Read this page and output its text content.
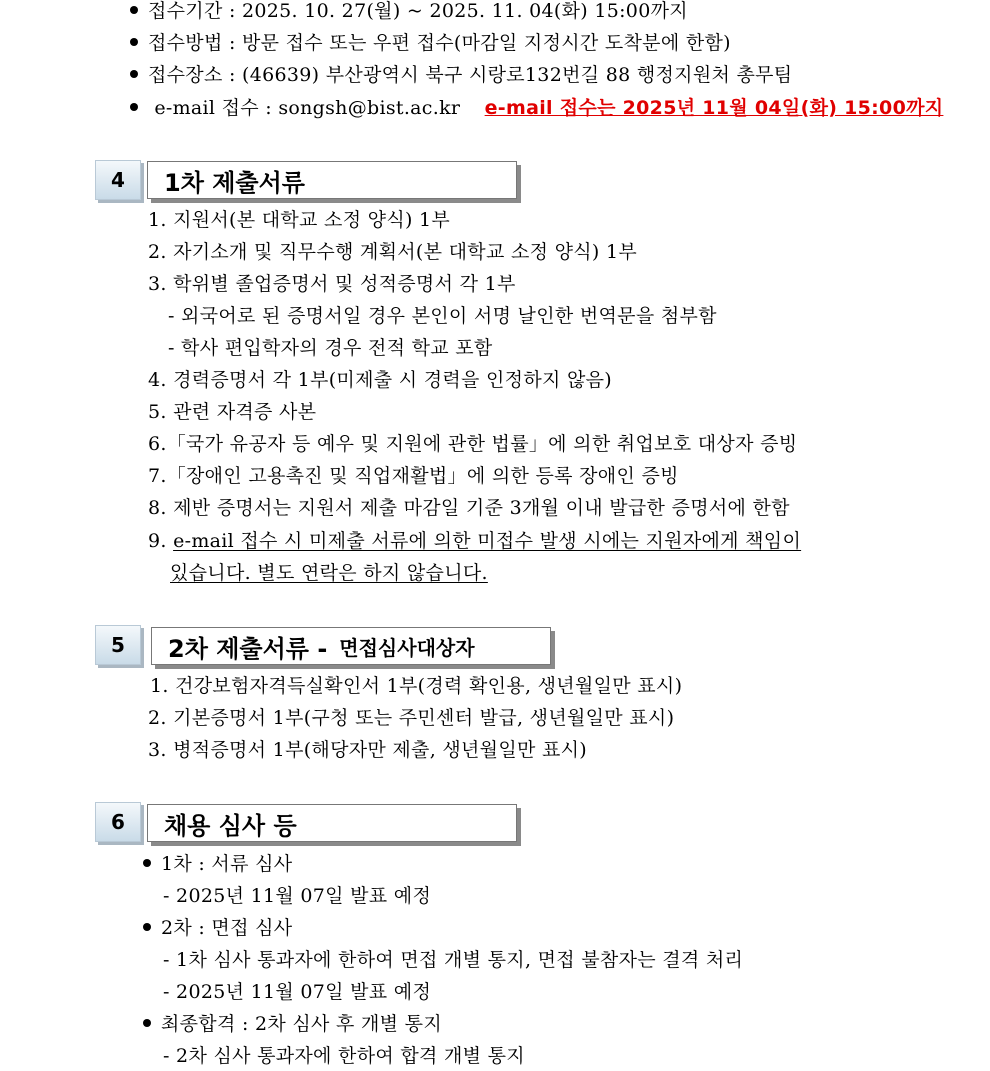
접수기간 : 2025. 10. 27(월) ~ 2025. 11. 04(화) 15:00까지
접수방법 : 방문 접수 또는 우편 접수(마감일 지정시간 도착분에 한함)
접수장소 : (46639) 부산광역시 북구 시랑로132번길 88 행정지원처 총무팀
e-mail 접수 : songsh@bist.ac.kr e-mail 접수는 2025년 11월 04일(화) 15:00까지
4	1차 제출서류
1. 지원서(본 대학교 소정 양식) 1부
2. 자기소개 및 직무수행 계획서(본 대학교 소정 양식) 1부
3. 학위별 졸업증명서 및 성적증명서 각 1부
- 외국어로 된 증명서일 경우 본인이 서명 날인한 번역문을 첨부함
- 학사 편입학자의 경우 전적 학교 포함
4. 경력증명서 각 1부(미제출 시 경력을 인정하지 않음)
5. 관련 자격증 사본
6.「국가 유공자 등 예우 및 지원에 관한 법률」에 의한 취업보호 대상자 증빙
7.「장애인 고용촉진 및 직업재활법」에 의한 등록 장애인 증빙
8. 제반 증명서는 지원서 제출 마감일 기준 3개월 이내 발급한 증명서에 한함
9. e-mail 접수 시 미제출 서류에 의한 미접수 발생 시에는 지원자에게 책임이
있습니다. 별도 연락은 하지 않습니다.
5	2차 제출서류 - 면접심사대상자
1. 건강보험자격득실확인서 1부(경력 확인용, 생년월일만 표시)
2. 기본증명서 1부(구청 또는 주민센터 발급, 생년월일만 표시)
3. 병적증명서 1부(해당자만 제출, 생년월일만 표시)
6	채용 심사 등
1차 : 서류 심사
- 2025년 11월 07일 발표 예정
2차 : 면접 심사
- 1차 심사 통과자에 한하여 면접 개별 통지, 면접 불참자는 결격 처리
- 2025년 11월 07일 발표 예정
최종합격 : 2차 심사 후 개별 통지
- 2차 심사 통과자에 한하여 합격 개별 통지
